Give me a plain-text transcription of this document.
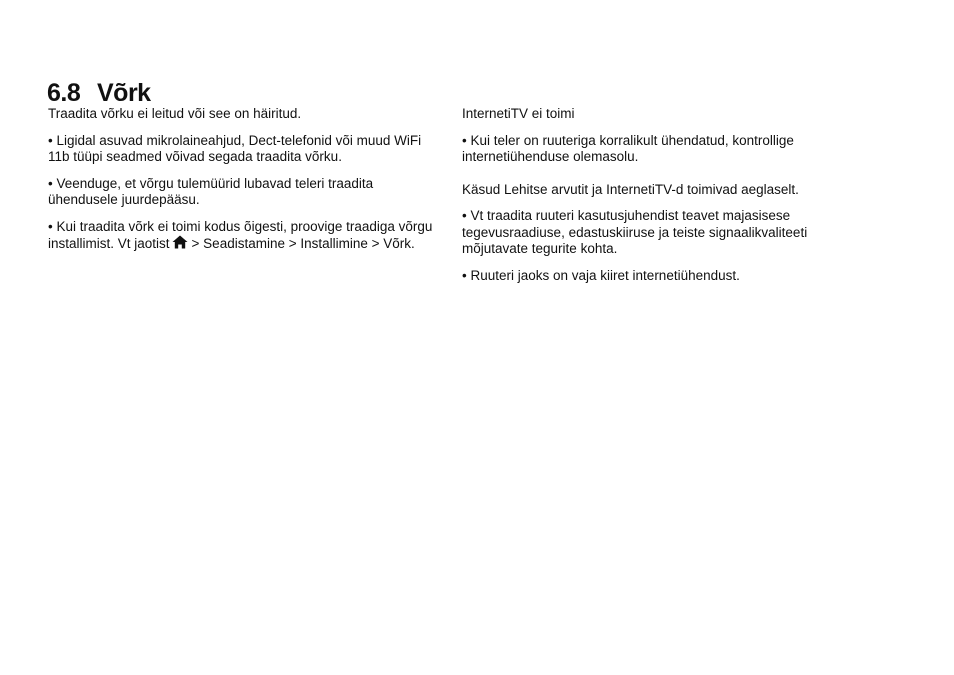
6.8 Võrk

Traadita võrku ei leitud või see on häiritud.

• Ligidal asuvad mikrolaineahjud, Dect-telefonid või muud WiFi 11b tüüpi seadmed võivad segada traadita võrku.

• Veenduge, et võrgu tulemüürid lubavad teleri traadita ühendusele juurdepääsu.

• Kui traadita võrk ei toimi kodus õigesti, proovige traadiga võrgu installimist. Vt jaotist > Seadistamine > Installimine > Võrk.

InternetiTV ei toimi

• Kui teler on ruuteriga korralikult ühendatud, kontrollige internetiühenduse olemasolu.

Käsud Lehitse arvutit ja InternetiTV-d toimivad aeglaselt.

• Vt traadita ruuteri kasutusjuhendist teavet majasisese tegevusraadiuse, edastuskiiruse ja teiste signaalikvaliteeti mõjutavate tegurite kohta.

• Ruuteri jaoks on vaja kiiret internetiühendust.
